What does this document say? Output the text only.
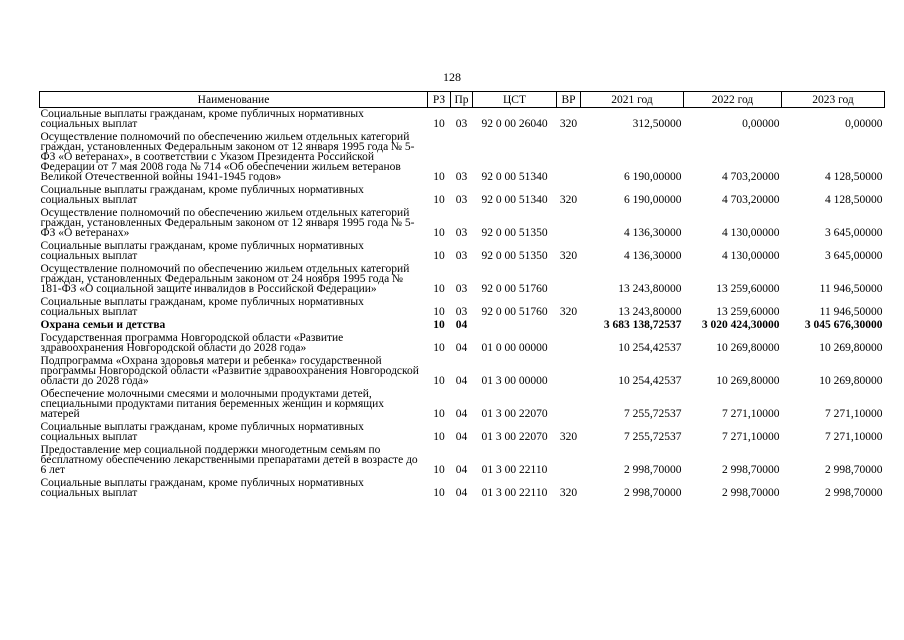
128
Наименование	РЗ	Пр	ЦСТ	ВР	2021 год	2022 год	2023 год
Социальные выплаты гражданам, кроме публичных нормативных социальных выплат	10	03	92 0 00 26040	320	312,50000	0,00000	0,00000
Осуществление полномочий по обеспечению жильем отдельных категорий граждан, установленных Федеральным законом от 12 января 1995 года № 5-ФЗ «О ветеранах», в соответствии с Указом Президента Российской Федерации от 7 мая 2008 года № 714 «Об обеспечении жильем ветеранов Великой Отечественной войны 1941-1945 годов»	10	03	92 0 00 51340		6 190,00000	4 703,20000	4 128,50000
Социальные выплаты гражданам, кроме публичных нормативных социальных выплат	10	03	92 0 00 51340	320	6 190,00000	4 703,20000	4 128,50000
Осуществление полномочий по обеспечению жильем отдельных категорий граждан, установленных Федеральным законом от 12 января 1995 года № 5-ФЗ «О ветеранах»	10	03	92 0 00 51350		4 136,30000	4 130,00000	3 645,00000
Социальные выплаты гражданам, кроме публичных нормативных социальных выплат	10	03	92 0 00 51350	320	4 136,30000	4 130,00000	3 645,00000
Осуществление полномочий по обеспечению жильем отдельных категорий граждан, установленных Федеральным законом от 24 ноября 1995 года № 181-ФЗ «О социальной защите инвалидов в Российской Федерации»	10	03	92 0 00 51760		13 243,80000	13 259,60000	11 946,50000
Социальные выплаты гражданам, кроме публичных нормативных социальных выплат	10	03	92 0 00 51760	320	13 243,80000	13 259,60000	11 946,50000
Охрана семьи и детства	10	04			3 683 138,72537	3 020 424,30000	3 045 676,30000
Государственная программа Новгородской области «Развитие здравоохранения Новгородской области до 2028 года»	10	04	01 0 00 00000		10 254,42537	10 269,80000	10 269,80000
Подпрограмма «Охрана здоровья матери и ребенка» государственной программы Новгородской области «Развитие здравоохранения Новгородской области до 2028 года»	10	04	01 3 00 00000		10 254,42537	10 269,80000	10 269,80000
Обеспечение молочными смесями и молочными продуктами детей, специальными продуктами питания беременных женщин и кормящих матерей	10	04	01 3 00 22070		7 255,72537	7 271,10000	7 271,10000
Социальные выплаты гражданам, кроме публичных нормативных социальных выплат	10	04	01 3 00 22070	320	7 255,72537	7 271,10000	7 271,10000
Предоставление мер социальной поддержки многодетным семьям по бесплатному обеспечению лекарственными препаратами детей в возрасте до 6 лет	10	04	01 3 00 22110		2 998,70000	2 998,70000	2 998,70000
Социальные выплаты гражданам, кроме публичных нормативных социальных выплат	10	04	01 3 00 22110	320	2 998,70000	2 998,70000	2 998,70000
